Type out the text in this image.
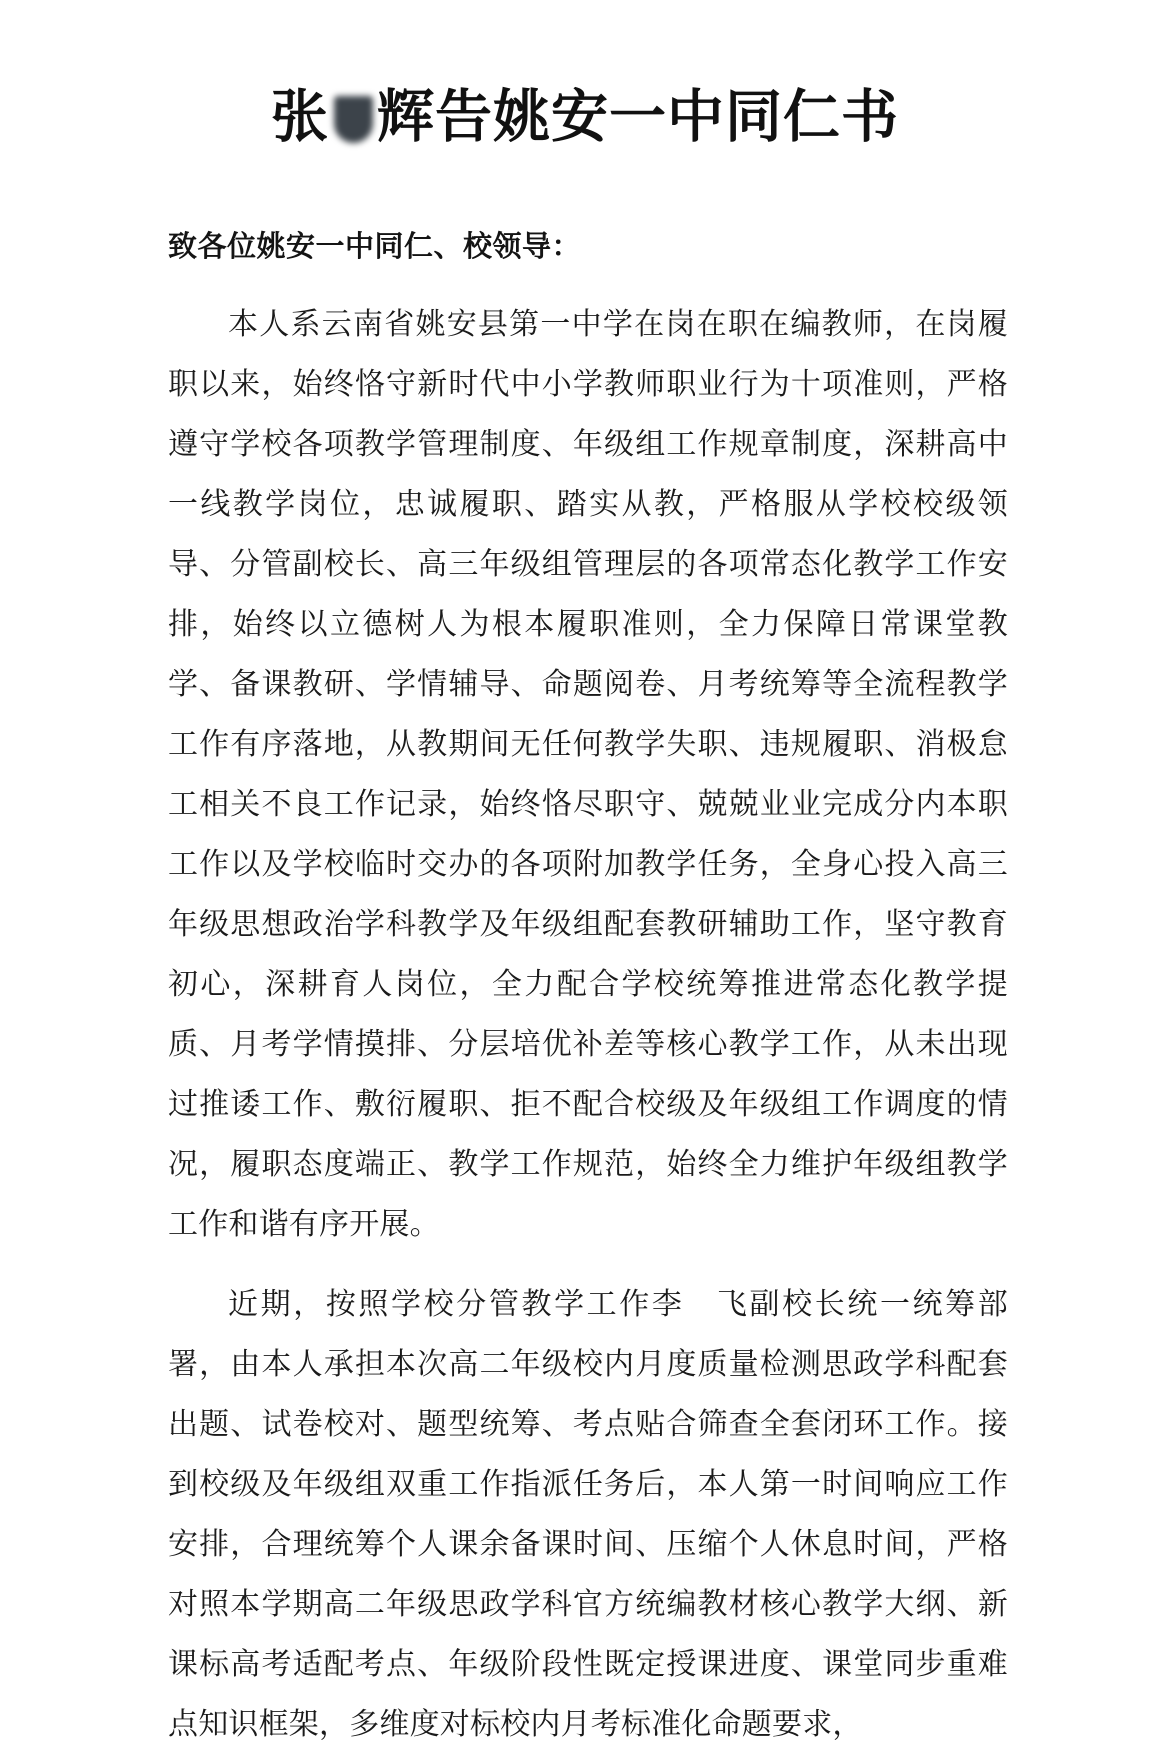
张 辉告姚安一中同仁书

致各位姚安一中同仁、校领导：

本人系云南省姚安县第一中学在岗在职在编教师，在岗履职以来，始终恪守新时代中小学教师职业行为十项准则，严格遵守学校各项教学管理制度、年级组工作规章制度，深耕高中一线教学岗位，忠诚履职、踏实从教，严格服从学校校级领导、分管副校长、高三年级组管理层的各项常态化教学工作安排，始终以立德树人为根本履职准则，全力保障日常课堂教学、备课教研、学情辅导、命题阅卷、月考统筹等全流程教学工作有序落地，从教期间无任何教学失职、违规履职、消极怠工相关不良工作记录，始终恪尽职守、兢兢业业完成分内本职工作以及学校临时交办的各项附加教学任务，全身心投入高三年级思想政治学科教学及年级组配套教研辅助工作，坚守教育初心，深耕育人岗位，全力配合学校统筹推进常态化教学提质、月考学情摸排、分层培优补差等核心教学工作，从未出现过推诿工作、敷衍履职、拒不配合校级及年级组工作调度的情况，履职态度端正、教学工作规范，始终全力维护年级组教学工作和谐有序开展。

近期，按照学校分管教学工作李 飞副校长统一统筹部署，由本人承担本次高二年级校内月度质量检测思政学科配套出题、试卷校对、题型统筹、考点贴合筛查全套闭环工作。接到校级及年级组双重工作指派任务后，本人第一时间响应工作安排，合理统筹个人课余备课时间、压缩个人休息时间，严格对照本学期高二年级思政学科官方统编教材核心教学大纲、新课标高考适配考点、年级阶段性既定授课进度、课堂同步重难点知识框架，多维度对标校内月考标准化命题要求，
